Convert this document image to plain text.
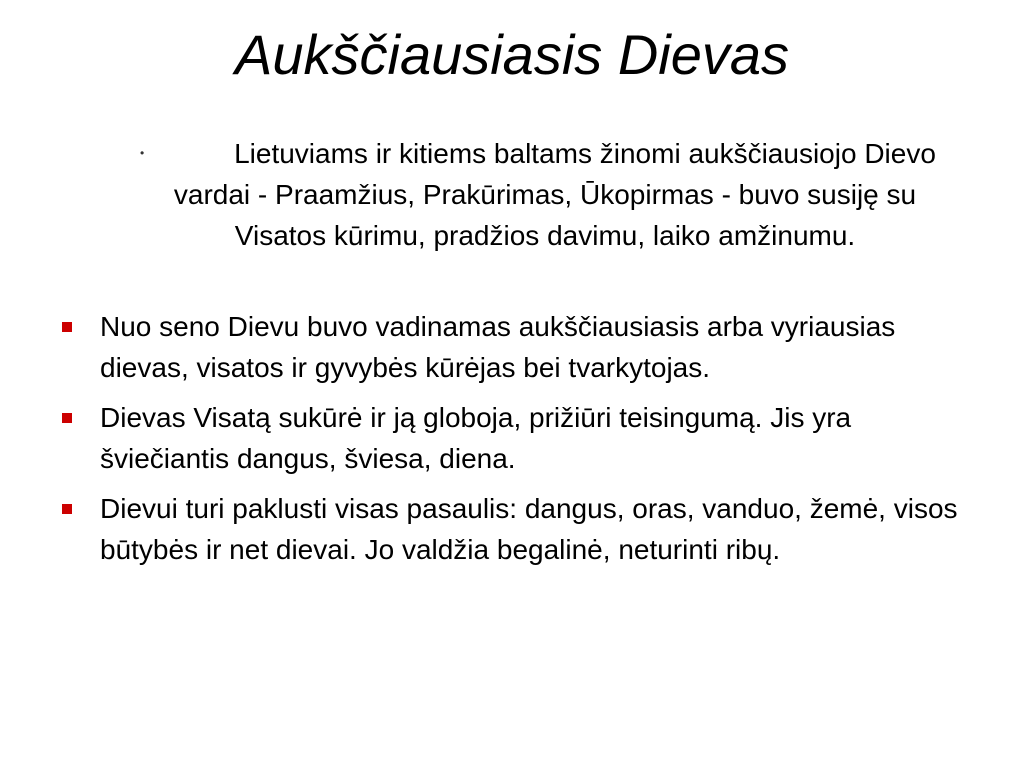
Aukščiausiasis Dievas
•	Lietuviams ir kitiems baltams žinomi aukščiausiojo Dievo vardai - Praamžius, Prakūrimas, Ūkopirmas - buvo susiję su Visatos kūrimu, pradžios davimu, laiko amžinumu.
Nuo seno Dievu buvo vadinamas aukščiausiasis arba vyriausias dievas, visatos ir gyvybės kūrėjas bei tvarkytojas.
Dievas Visatą sukūrė ir ją globoja, prižiūri teisingumą. Jis yra šviečiantis dangus, šviesa, diena.
Dievui turi paklusti visas pasaulis: dangus, oras, vanduo, žemė, visos būtybės ir net dievai. Jo valdžia begalinė, neturinti ribų.
